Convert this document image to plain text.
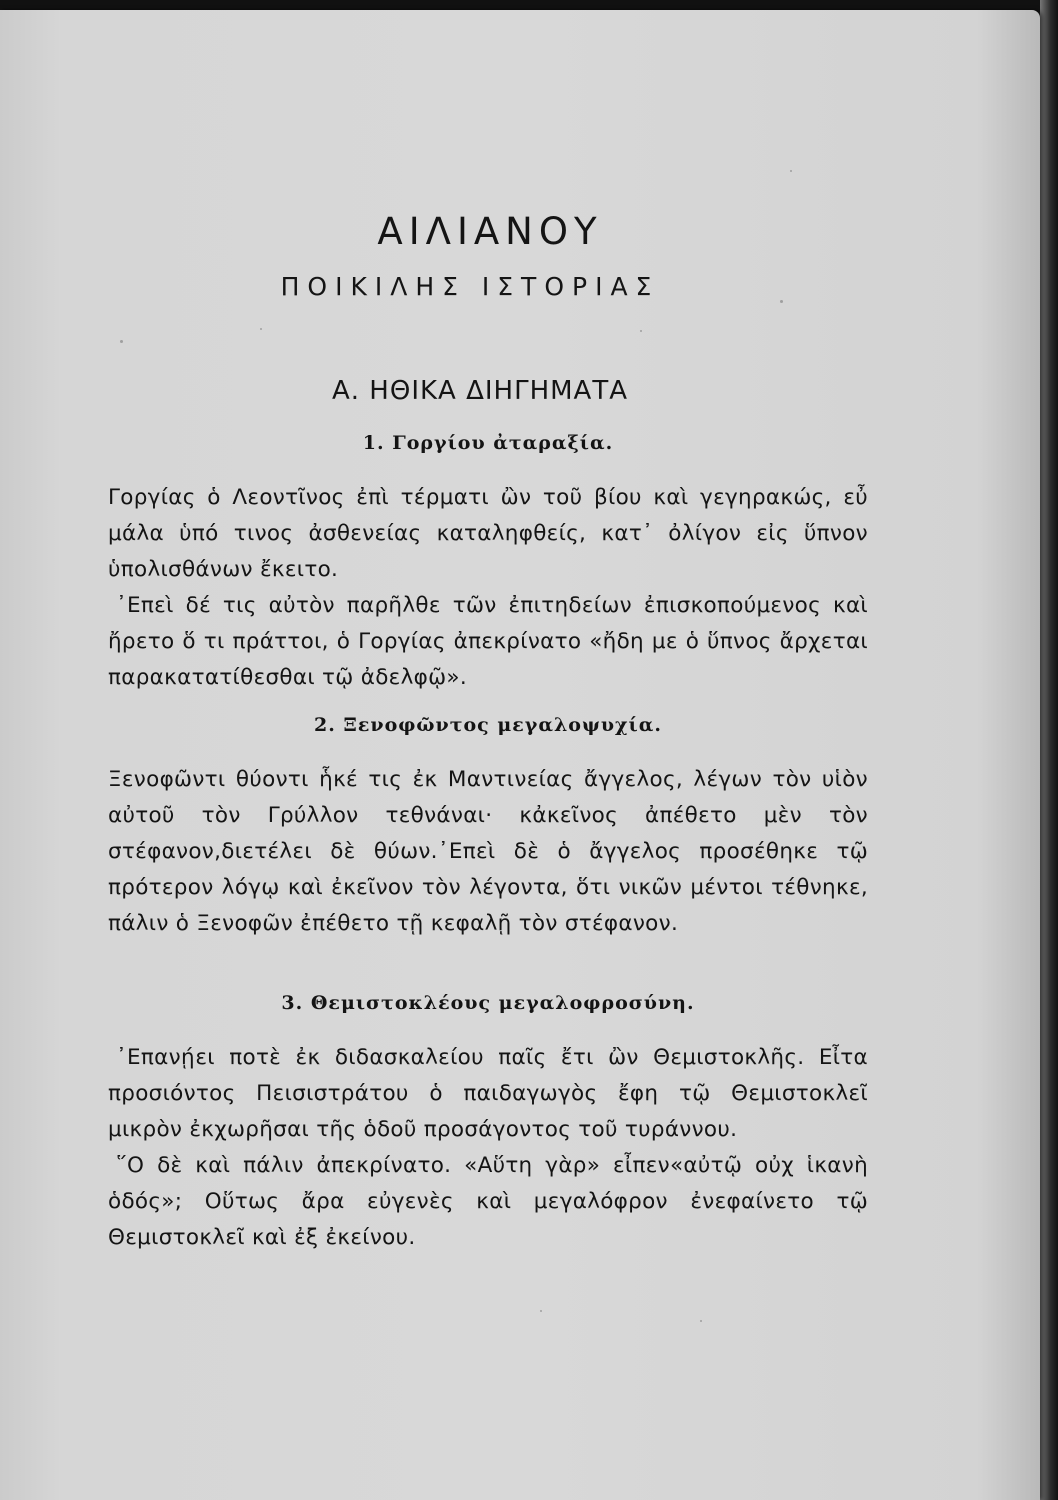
ΑΙΛΙΑΝΟΥ
ΠΟΙΚΙΛΗΣ ΙΣΤΟΡΙΑΣ
Α. ΗΘΙΚΑ ΔΙΗΓΗΜΑΤΑ
1. Γοργίου ἀταραξία.

Γοργίας ὁ Λεοντῖνος ἐπὶ τέρματι ὢν τοῦ βίου καὶ γεγηρακώς, εὖ μάλα ὑπό τινος ἀσθενείας καταληφθείς, κατ᾽ ὀλίγον εἰς ὕπνον ὑπολισθάνων ἔκειτο.
᾽Επεὶ δέ τις αὐτὸν παρῆλθε τῶν ἐπιτηδείων ἐπισκοπούμενος καὶ ἤρετο ὅ τι πράττοι, ὁ Γοργίας ἀπεκρίνατο «ἤδη με ὁ ὕπνος ἄρχεται παρακατατίθεσθαι τῷ ἀδελφῷ».

2. Ξενοφῶντος μεγαλοψυχία.

Ξενοφῶντι θύοντι ἧκέ τις ἐκ Μαντινείας ἄγγελος, λέγων τὸν υἱὸν αὐτοῦ τὸν Γρύλλον τεθνάναι· κἀκεῖνος ἀπέθετο μὲν τὸν στέφανον,διετέλει δὲ θύων.᾽Επεὶ δὲ ὁ ἄγγελος προσέθηκε τῷ πρότερον λόγῳ καὶ ἐκεῖνον τὸν λέγοντα, ὅτι νικῶν μέντοι τέθνηκε, πάλιν ὁ Ξενοφῶν ἐπέθετο τῇ κεφαλῇ τὸν στέφανον.

3. Θεμιστοκλέους μεγαλοφροσύνη.

᾽Επανῄει ποτὲ ἐκ διδασκαλείου παῖς ἔτι ὢν Θεμιστοκλῆς. Εἶτα προσιόντος Πεισιστράτου ὁ παιδαγωγὸς ἔφη τῷ Θεμιστοκλεῖ μικρὸν ἐκχωρῆσαι τῆς ὁδοῦ προσάγοντος τοῦ τυράννου.
῞Ο δὲ καὶ πάλιν ἀπεκρίνατο. «Αὕτη γὰρ» εἶπεν«αὐτῷ οὐχ ἱκανὴ ὁδός»; Οὕτως ἄρα εὐγενὲς καὶ μεγαλόφρον ἐνεφαίνετο τῷ Θεμιστοκλεῖ καὶ ἐξ ἐκείνου.
